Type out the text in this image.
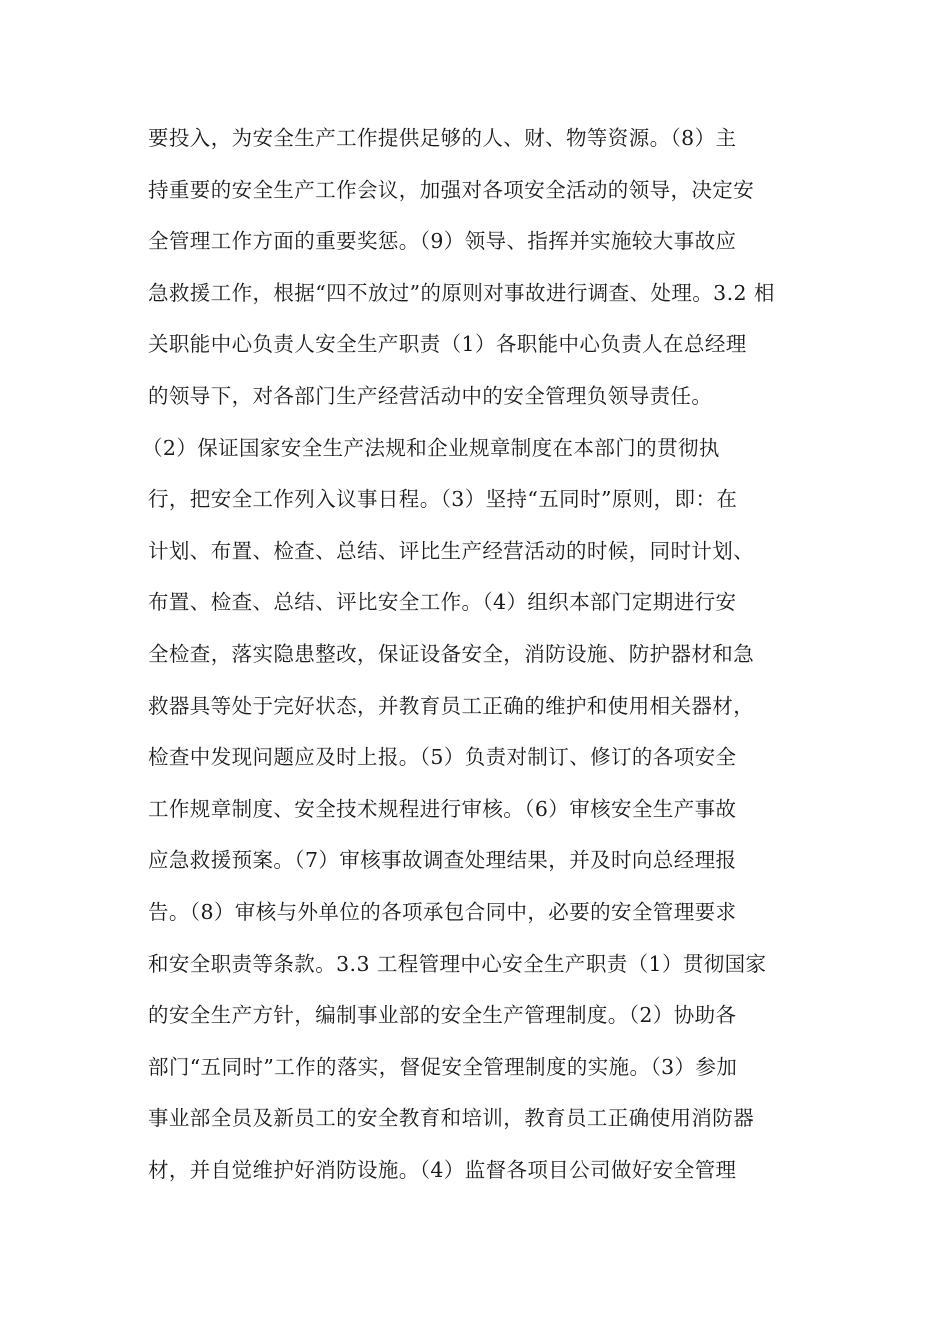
要投入，为安全生产工作提供足够的人、财、物等资源。（8）主
持重要的安全生产工作会议，加强对各项安全活动的领导，决定安
全管理工作方面的重要奖惩。（9）领导、指挥并实施较大事故应
急救援工作，根据“四不放过”的原则对事故进行调查、处理。3.2 相
关职能中心负责人安全生产职责（1）各职能中心负责人在总经理
的领导下，对各部门生产经营活动中的安全管理负领导责任。
（2）保证国家安全生产法规和企业规章制度在本部门的贯彻执
行，把安全工作列入议事日程。（3）坚持“五同时”原则，即：在
计划、布置、检查、总结、评比生产经营活动的时候，同时计划、
布置、检查、总结、评比安全工作。（4）组织本部门定期进行安
全检查，落实隐患整改，保证设备安全，消防设施、防护器材和急
救器具等处于完好状态，并教育员工正确的维护和使用相关器材，
检查中发现问题应及时上报。（5）负责对制订、修订的各项安全
工作规章制度、安全技术规程进行审核。（6）审核安全生产事故
应急救援预案。（7）审核事故调查处理结果，并及时向总经理报
告。（8）审核与外单位的各项承包合同中，必要的安全管理要求
和安全职责等条款。3.3 工程管理中心安全生产职责（1）贯彻国家
的安全生产方针，编制事业部的安全生产管理制度。（2）协助各
部门“五同时”工作的落实，督促安全管理制度的实施。（3）参加
事业部全员及新员工的安全教育和培训，教育员工正确使用消防器
材，并自觉维护好消防设施。（4）监督各项目公司做好安全管理
